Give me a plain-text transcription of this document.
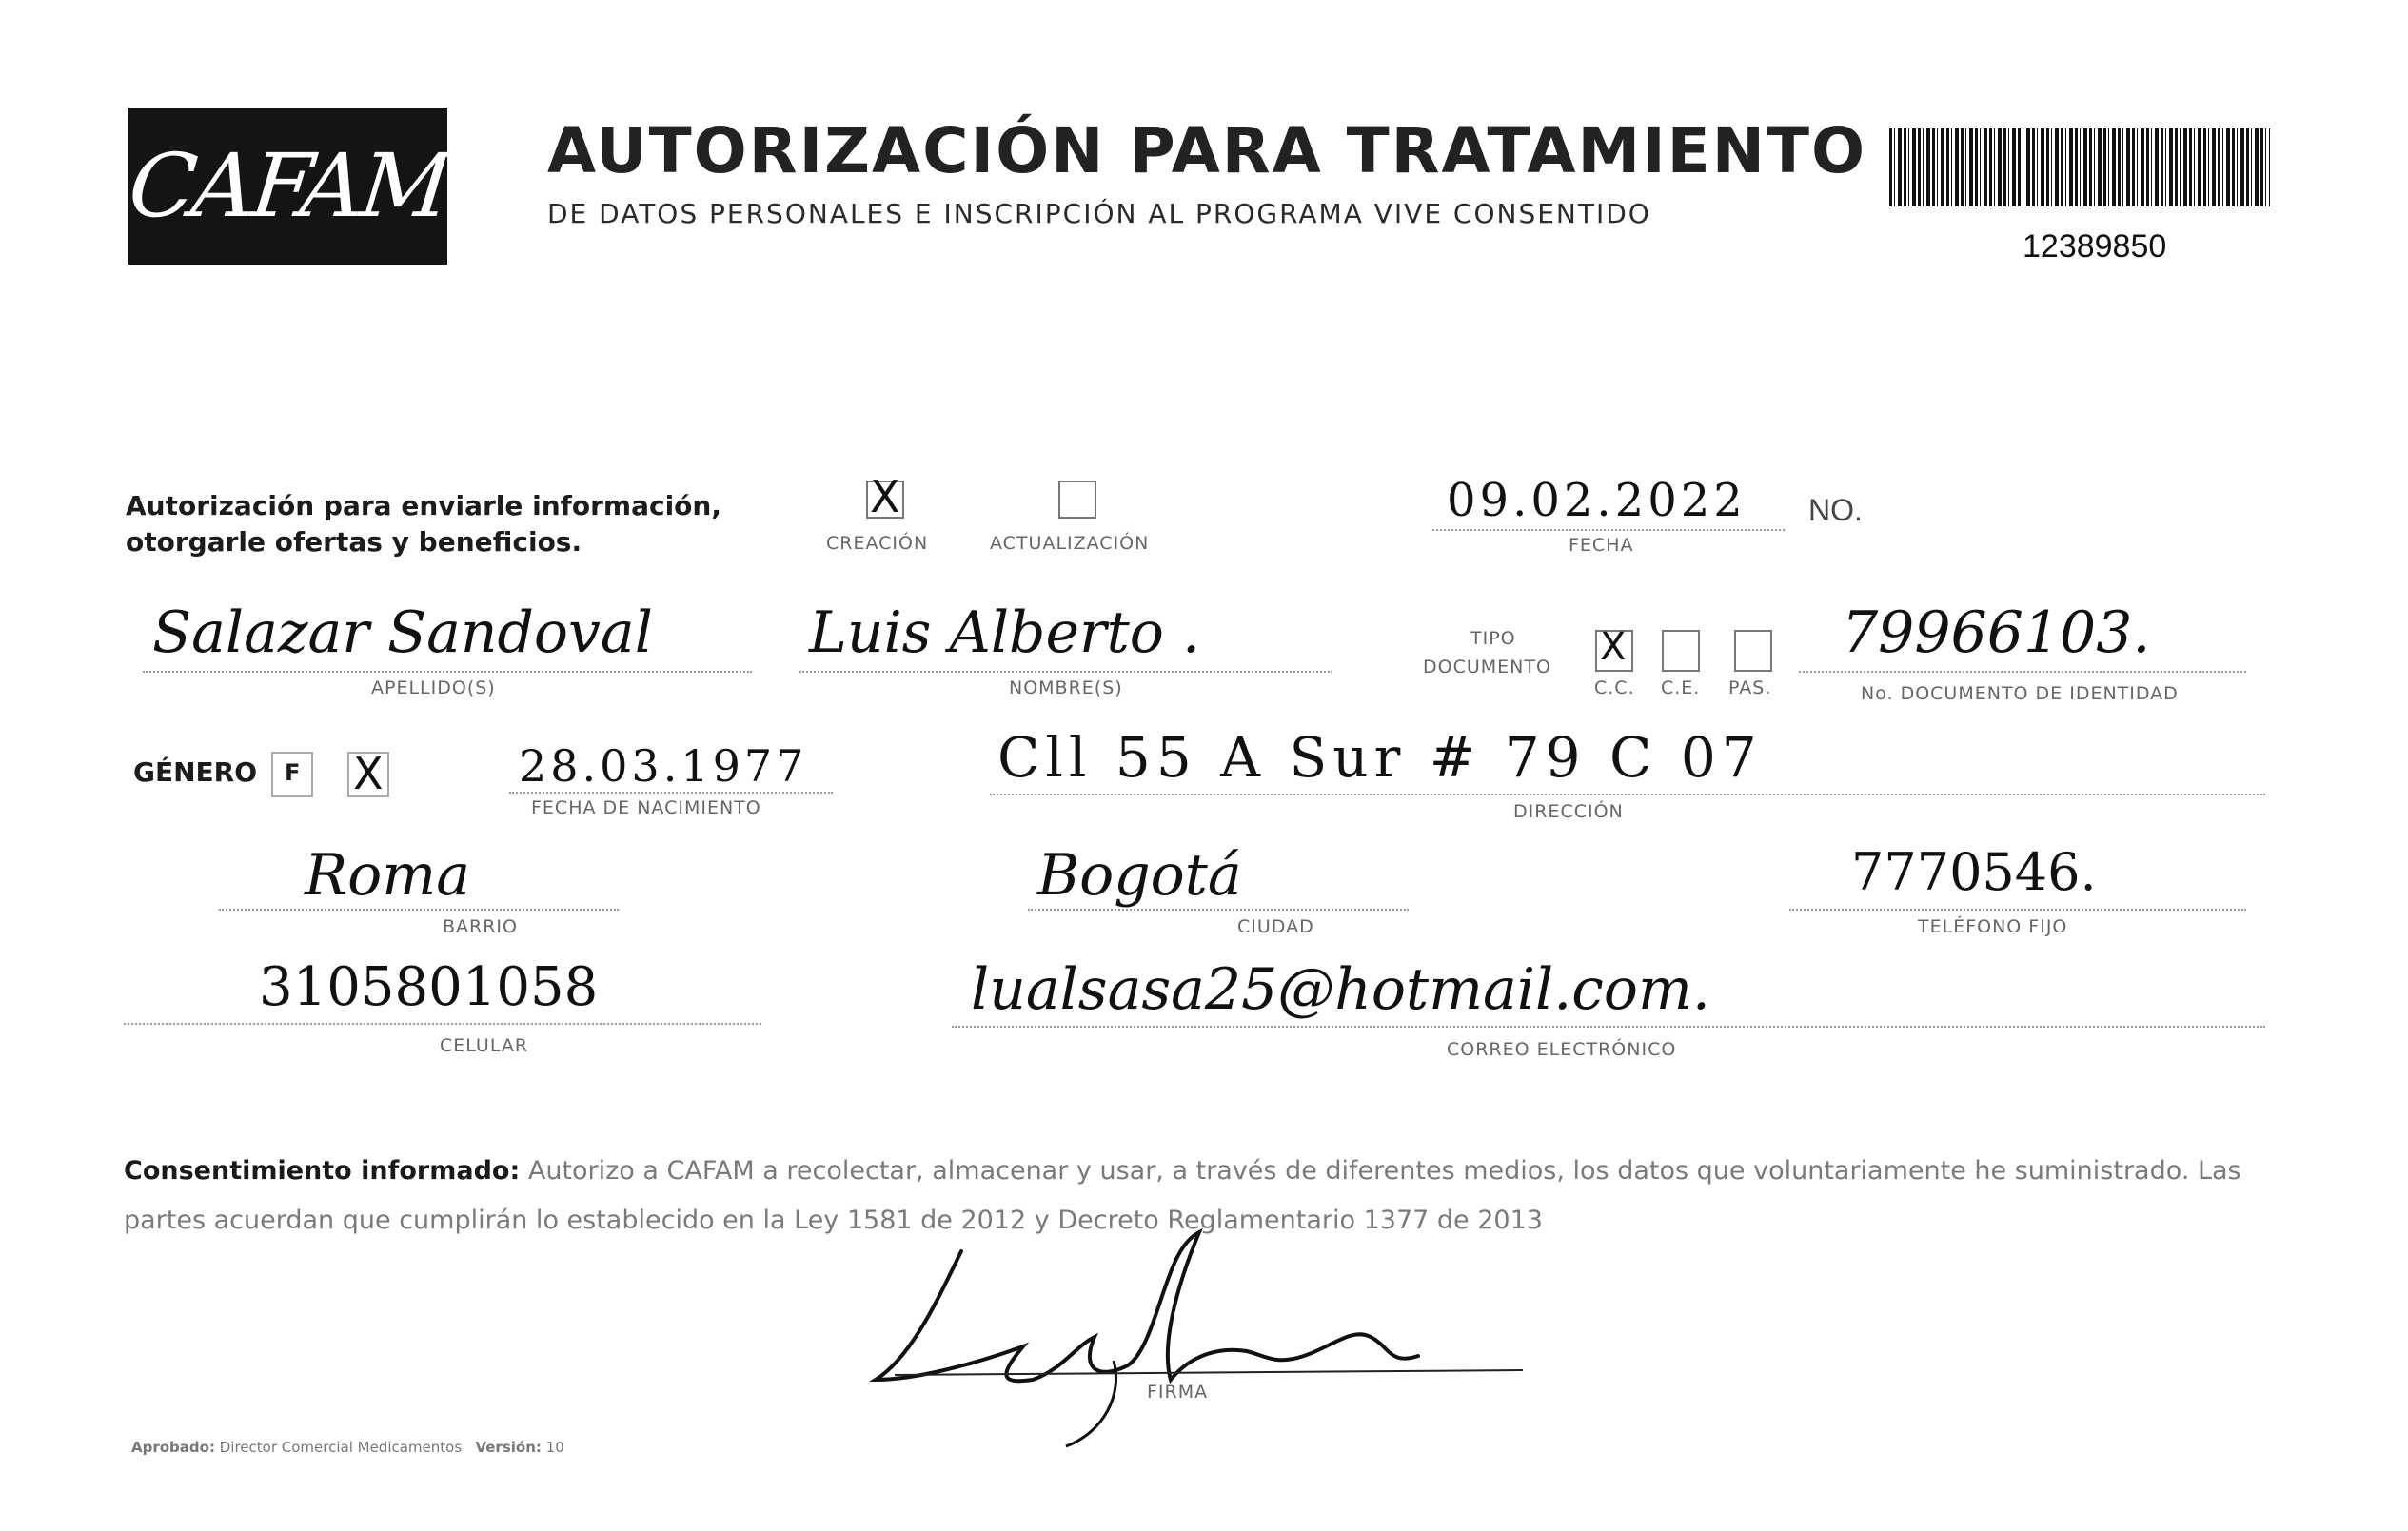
CAFAM AUTORIZACIÓN PARA TRATAMIENTO
DE DATOS PERSONALES E INSCRIPCIÓN AL PROGRAMA VIVE CONSENTIDO
12389850
Autorización para enviarle información,
otorgarle ofertas y beneficios.
X
CREACIÓN	ACTUALIZACIÓN
09.02.2022
FECHA
NO.
Salazar Sandoval
APELLIDO(S)
Luis Alberto .
NOMBRE(S)
TIPO
DOCUMENTO X
C.C. C.E. PAS.
79966103.
No. DOCUMENTO DE IDENTIDAD
GÉNERO F X	28.03.1977
FECHA DE NACIMIENTO
Cll 55 A Sur # 79 C 07
DIRECCIÓN
Roma
BARRIO
Bogotá
CIUDAD
7770546.
TELÉFONO FIJO
3105801058
CELULAR
lualsasa25@hotmail.com.
CORREO ELECTRÓNICO
Consentimiento informado: Autorizo a CAFAM a recolectar, almacenar y usar, a través de diferentes medios, los datos que voluntariamente he suministrado. Las partes acuerdan que cumplirán lo establecido en la Ley 1581 de 2012 y Decreto Reglamentario 1377 de 2013
FIRMA
Aprobado: Director Comercial Medicamentos Versión: 10
